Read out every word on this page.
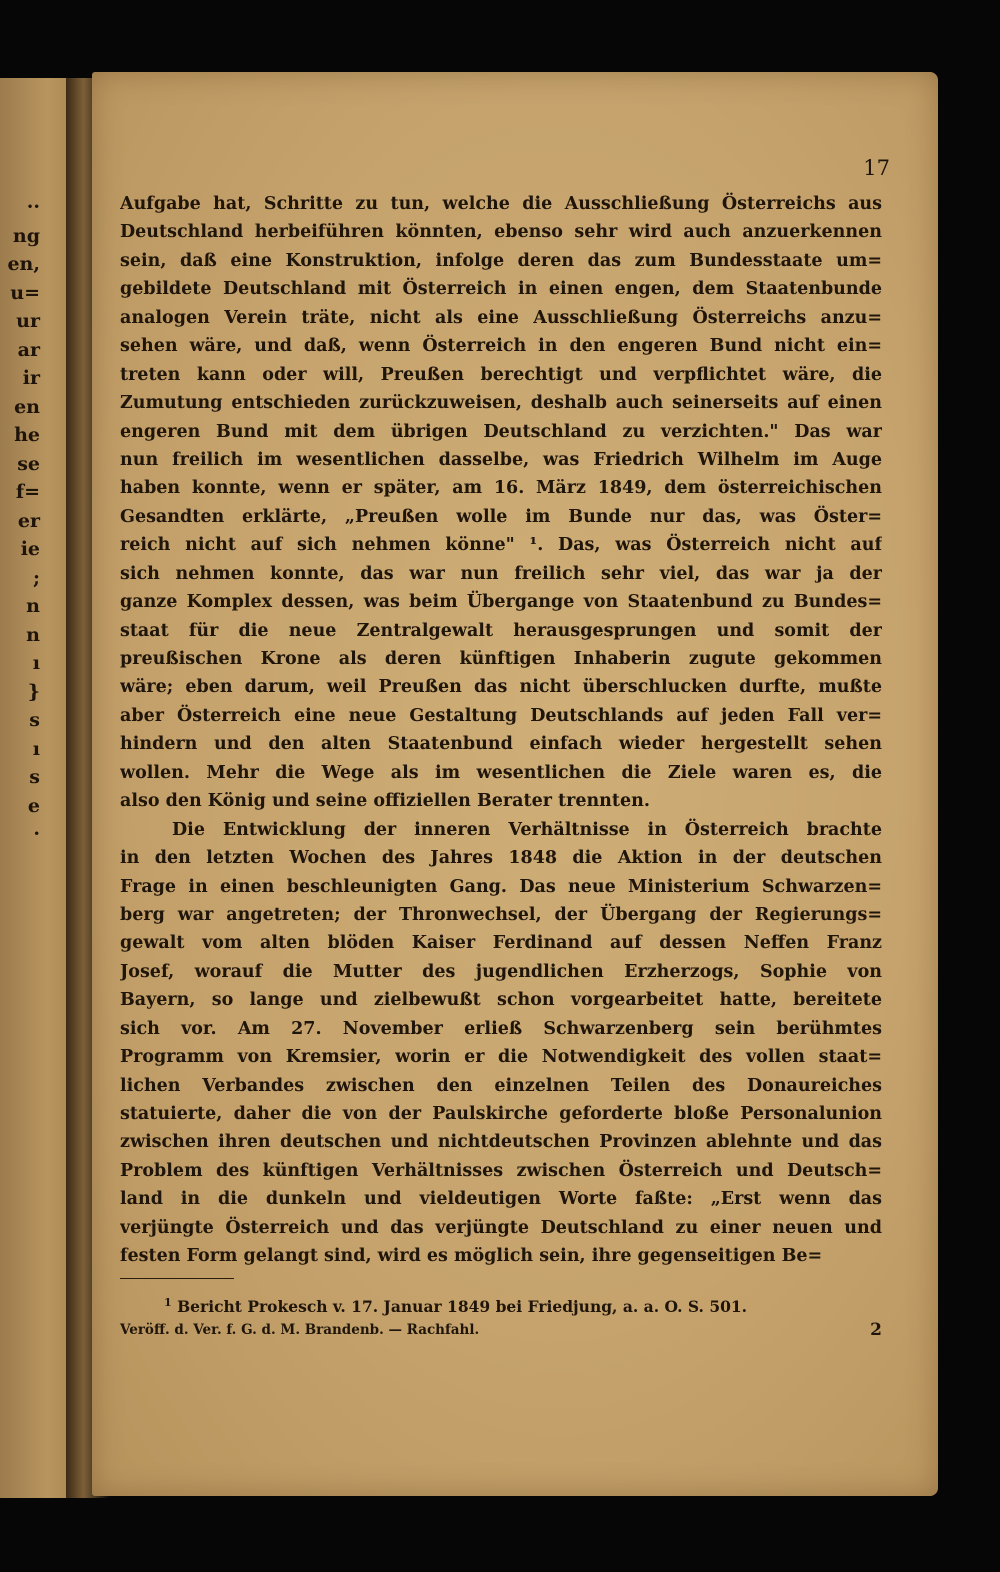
··
ng
en,
u=
ur
ar
ir
en
he
se
f=
er
ie
;
n
n
ı
}
s
ı
s
e
·
17
Aufgabe hat, Schritte zu tun, welche die Ausschließung Österreichs aus
Deutschland herbeiführen könnten, ebenso sehr wird auch anzuerkennen
sein, daß eine Konstruktion, infolge deren das zum Bundesstaate um=
gebildete Deutschland mit Österreich in einen engen, dem Staatenbunde
analogen Verein träte, nicht als eine Ausschließung Österreichs anzu=
sehen wäre, und daß, wenn Österreich in den engeren Bund nicht ein=
treten kann oder will, Preußen berechtigt und verpflichtet wäre, die
Zumutung entschieden zurückzuweisen, deshalb auch seinerseits auf einen
engeren Bund mit dem übrigen Deutschland zu verzichten." Das war
nun freilich im wesentlichen dasselbe, was Friedrich Wilhelm im Auge
haben konnte, wenn er später, am 16. März 1849, dem österreichischen
Gesandten erklärte, „Preußen wolle im Bunde nur das, was Öster=
reich nicht auf sich nehmen könne" ¹. Das, was Österreich nicht auf
sich nehmen konnte, das war nun freilich sehr viel, das war ja der
ganze Komplex dessen, was beim Übergange von Staatenbund zu Bundes=
staat für die neue Zentralgewalt herausgesprungen und somit der
preußischen Krone als deren künftigen Inhaberin zugute gekommen
wäre; eben darum, weil Preußen das nicht überschlucken durfte, mußte
aber Österreich eine neue Gestaltung Deutschlands auf jeden Fall ver=
hindern und den alten Staatenbund einfach wieder hergestellt sehen
wollen. Mehr die Wege als im wesentlichen die Ziele waren es, die
also den König und seine offiziellen Berater trennten.
Die Entwicklung der inneren Verhältnisse in Österreich brachte
in den letzten Wochen des Jahres 1848 die Aktion in der deutschen
Frage in einen beschleunigten Gang. Das neue Ministerium Schwarzen=
berg war angetreten; der Thronwechsel, der Übergang der Regierungs=
gewalt vom alten blöden Kaiser Ferdinand auf dessen Neffen Franz
Josef, worauf die Mutter des jugendlichen Erzherzogs, Sophie von
Bayern, so lange und zielbewußt schon vorgearbeitet hatte, bereitete
sich vor. Am 27. November erließ Schwarzenberg sein berühmtes
Programm von Kremsier, worin er die Notwendigkeit des vollen staat=
lichen Verbandes zwischen den einzelnen Teilen des Donaureiches
statuierte, daher die von der Paulskirche geforderte bloße Personalunion
zwischen ihren deutschen und nichtdeutschen Provinzen ablehnte und das
Problem des künftigen Verhältnisses zwischen Österreich und Deutsch=
land in die dunkeln und vieldeutigen Worte faßte: „Erst wenn das
verjüngte Österreich und das verjüngte Deutschland zu einer neuen und
festen Form gelangt sind, wird es möglich sein, ihre gegenseitigen Be=
$^1$ Bericht Prokesch v. 17. Januar 1849 bei Friedjung, a. a. O. S. 501.
Veröff. d. Ver. f. G. d. M. Brandenb. — Rachfahl.	2
